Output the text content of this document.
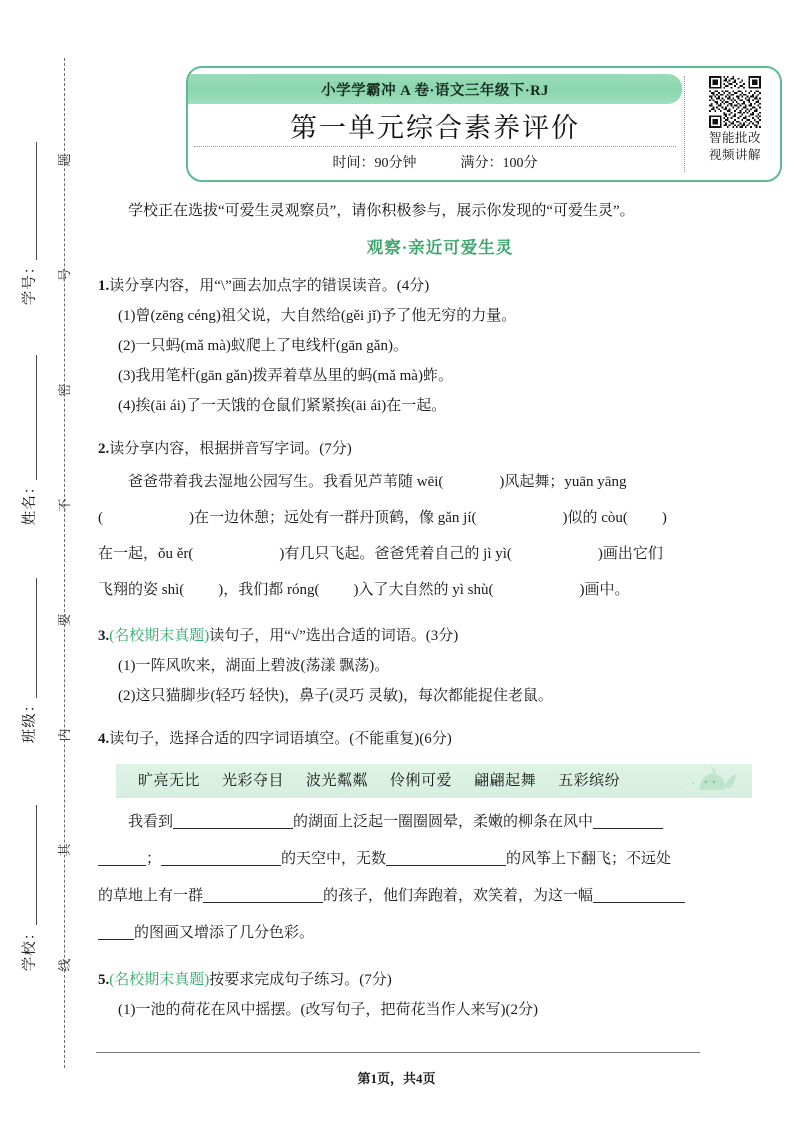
题
号
密
不
要
内
其
线
学号：
姓名：
班级：
学校：
小学学霸冲 A 卷·语文三年级下·RJ
第一单元综合素养评价
时间：90分钟	满分：100分
智能批改
视频讲解
学校正在选拔“可爱生灵观察员”，请你积极参与，展示你发现的“可爱生灵”。
观察·亲近可爱生灵
1.读分享内容，用“\”画去加点字的错误读音。(4分)
(1)曾(zēng céng)祖父说，大自然给(gěi jǐ)予了他无穷的力量。
(2)一只蚂(mǎ mà)蚁爬上了电线杆(gān gǎn)。
(3)我用笔杆(gān gǎn)拨弄着草丛里的蚂(mǎ mà)蚱。
(4)挨(āi ái)了一天饿的仓鼠们紧紧挨(āi ái)在一起。
2.读分享内容，根据拼音写字词。(7分)
爸爸带着我去湿地公园写生。我看见芦苇随 wēi(	)风起舞；yuān yāng
(	)在一边休憩；远处有一群丹顶鹤，像 gǎn jí(	)似的 còu( )
在一起，ǒu ěr(	)有几只飞起。爸爸凭着自己的 jì yì(	)画出它们
飞翔的姿 shì( )，我们都 róng( )入了大自然的 yì shù(	)画中。
3.(名校期末真题)读句子，用“√”选出合适的词语。(3分)
(1)一阵风吹来，湖面上碧波(荡漾 飘荡)。
(2)这只猫脚步(轻巧 轻快)，鼻子(灵巧 灵敏)，每次都能捉住老鼠。
4.读句子，选择合适的四字词语填空。(不能重复)(6分)
旷亮无比 光彩夺目 波光粼粼 伶俐可爱 翩翩起舞 五彩缤纷
我看到	的湖面上泛起一圈圈圆晕，柔嫩的柳条在风中
；	的天空中，无数	的风筝上下翻飞；不远处
的草地上有一群	的孩子，他们奔跑着，欢笑着，为这一幅
的图画又增添了几分色彩。
5.(名校期末真题)按要求完成句子练习。(7分)
(1)一池的荷花在风中摇摆。(改写句子，把荷花当作人来写)(2分)
第1页，共4页
